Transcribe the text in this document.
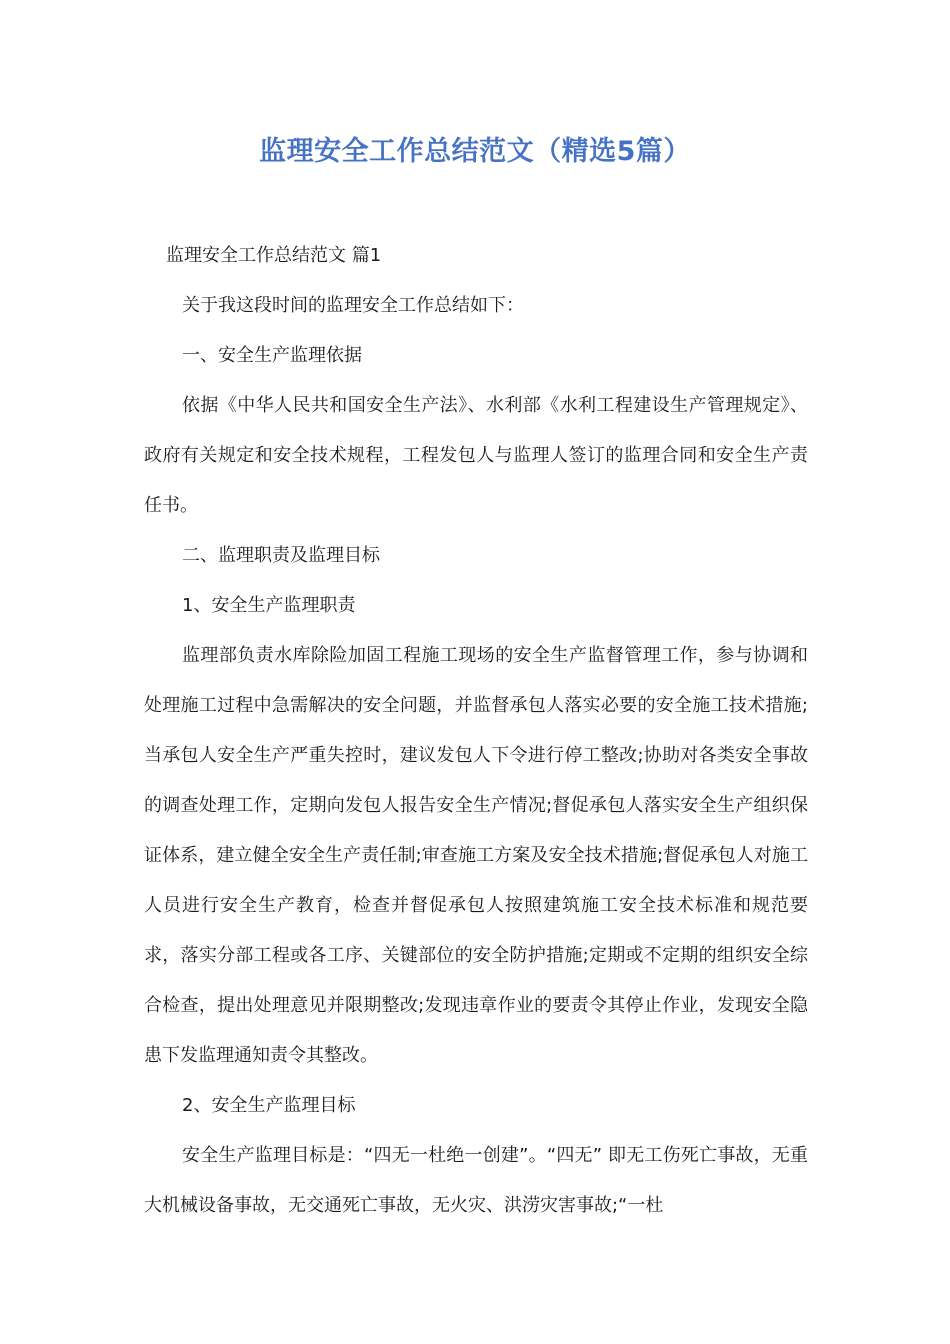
监理安全工作总结范文（精选5篇）

监理安全工作总结范文 篇1

关于我这段时间的监理安全工作总结如下：

一、安全生产监理依据

依据《中华人民共和国安全生产法》、水利部《水利工程建设生产管理规定》、政府有关规定和安全技术规程，工程发包人与监理人签订的监理合同和安全生产责任书。

二、监理职责及监理目标

1、安全生产监理职责

监理部负责水库除险加固工程施工现场的安全生产监督管理工作，参与协调和处理施工过程中急需解决的安全问题，并监督承包人落实必要的安全施工技术措施;当承包人安全生产严重失控时，建议发包人下令进行停工整改;协助对各类安全事故的调查处理工作，定期向发包人报告安全生产情况;督促承包人落实安全生产组织保证体系，建立健全安全生产责任制;审查施工方案及安全技术措施;督促承包人对施工人员进行安全生产教育，检查并督促承包人按照建筑施工安全技术标准和规范要求，落实分部工程或各工序、关键部位的安全防护措施;定期或不定期的组织安全综合检查，提出处理意见并限期整改;发现违章作业的要责令其停止作业，发现安全隐患下发监理通知责令其整改。

2、安全生产监理目标

安全生产监理目标是：“四无一杜绝一创建”。“四无” 即无工伤死亡事故，无重大机械设备事故，无交通死亡事故，无火灾、洪涝灾害事故;“一杜
